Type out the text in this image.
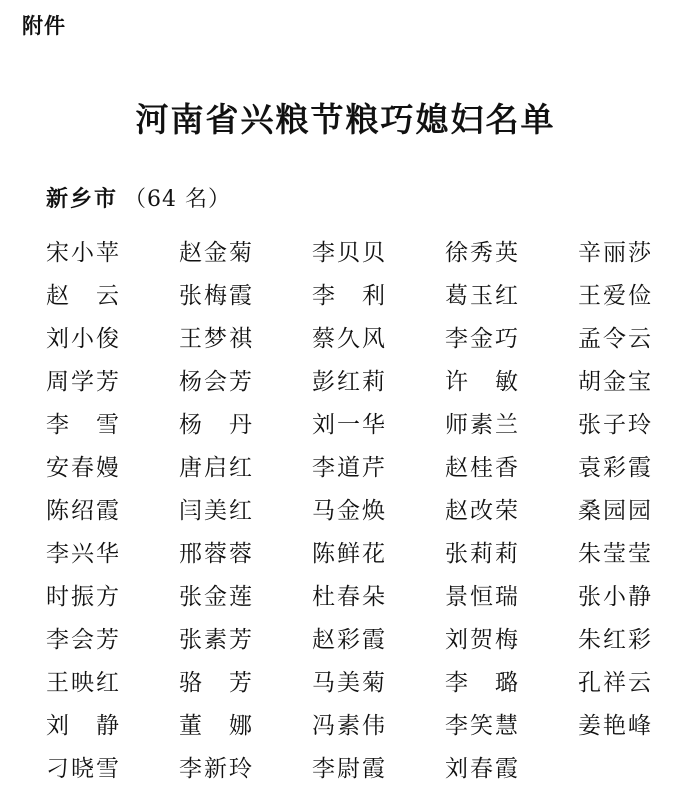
附件
河南省兴粮节粮巧媳妇名单
新乡市 （64 名）
宋小苹	赵金菊	李贝贝	徐秀英	辛丽莎
赵　云	张梅霞	李　利	葛玉红	王爱俭
刘小俊	王梦祺	蔡久风	李金巧	孟令云
周学芳	杨会芳	彭红莉	许　敏	胡金宝
李　雪	杨　丹	刘一华	师素兰	张子玲
安春嫚	唐启红	李道芹	赵桂香	袁彩霞
陈绍霞	闫美红	马金焕	赵改荣	桑园园
李兴华	邢蓉蓉	陈鲜花	张莉莉	朱莹莹
时振方	张金莲	杜春朵	景恒瑞	张小静
李会芳	张素芳	赵彩霞	刘贺梅	朱红彩
王映红	骆　芳	马美菊	李　璐	孔祥云
刘　静	董　娜	冯素伟	李笑慧	姜艳峰
刁晓雪	李新玲	李尉霞	刘春霞
